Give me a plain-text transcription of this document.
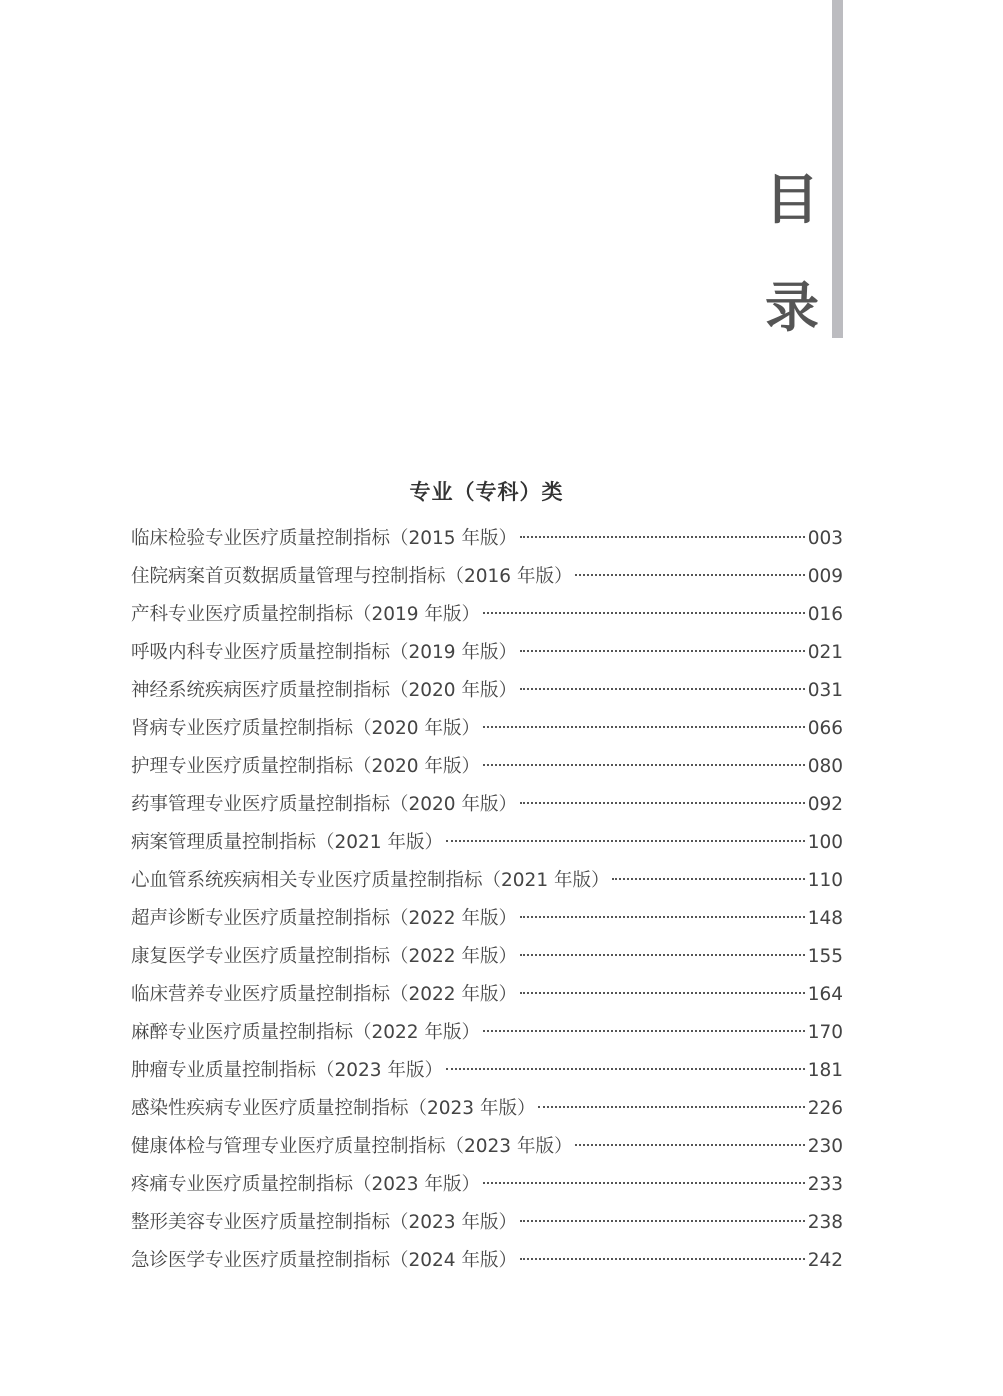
目
录
专业（专科）类
临床检验专业医疗质量控制指标（2015 年版）	003
住院病案首页数据质量管理与控制指标（2016 年版）	009
产科专业医疗质量控制指标（2019 年版）	016
呼吸内科专业医疗质量控制指标（2019 年版）	021
神经系统疾病医疗质量控制指标（2020 年版）	031
肾病专业医疗质量控制指标（2020 年版）	066
护理专业医疗质量控制指标（2020 年版）	080
药事管理专业医疗质量控制指标（2020 年版）	092
病案管理质量控制指标（2021 年版）	100
心血管系统疾病相关专业医疗质量控制指标（2021 年版）	110
超声诊断专业医疗质量控制指标（2022 年版）	148
康复医学专业医疗质量控制指标（2022 年版）	155
临床营养专业医疗质量控制指标（2022 年版）	164
麻醉专业医疗质量控制指标（2022 年版）	170
肿瘤专业质量控制指标（2023 年版）	181
感染性疾病专业医疗质量控制指标（2023 年版）	226
健康体检与管理专业医疗质量控制指标（2023 年版）	230
疼痛专业医疗质量控制指标（2023 年版）	233
整形美容专业医疗质量控制指标（2023 年版）	238
急诊医学专业医疗质量控制指标（2024 年版）	242
